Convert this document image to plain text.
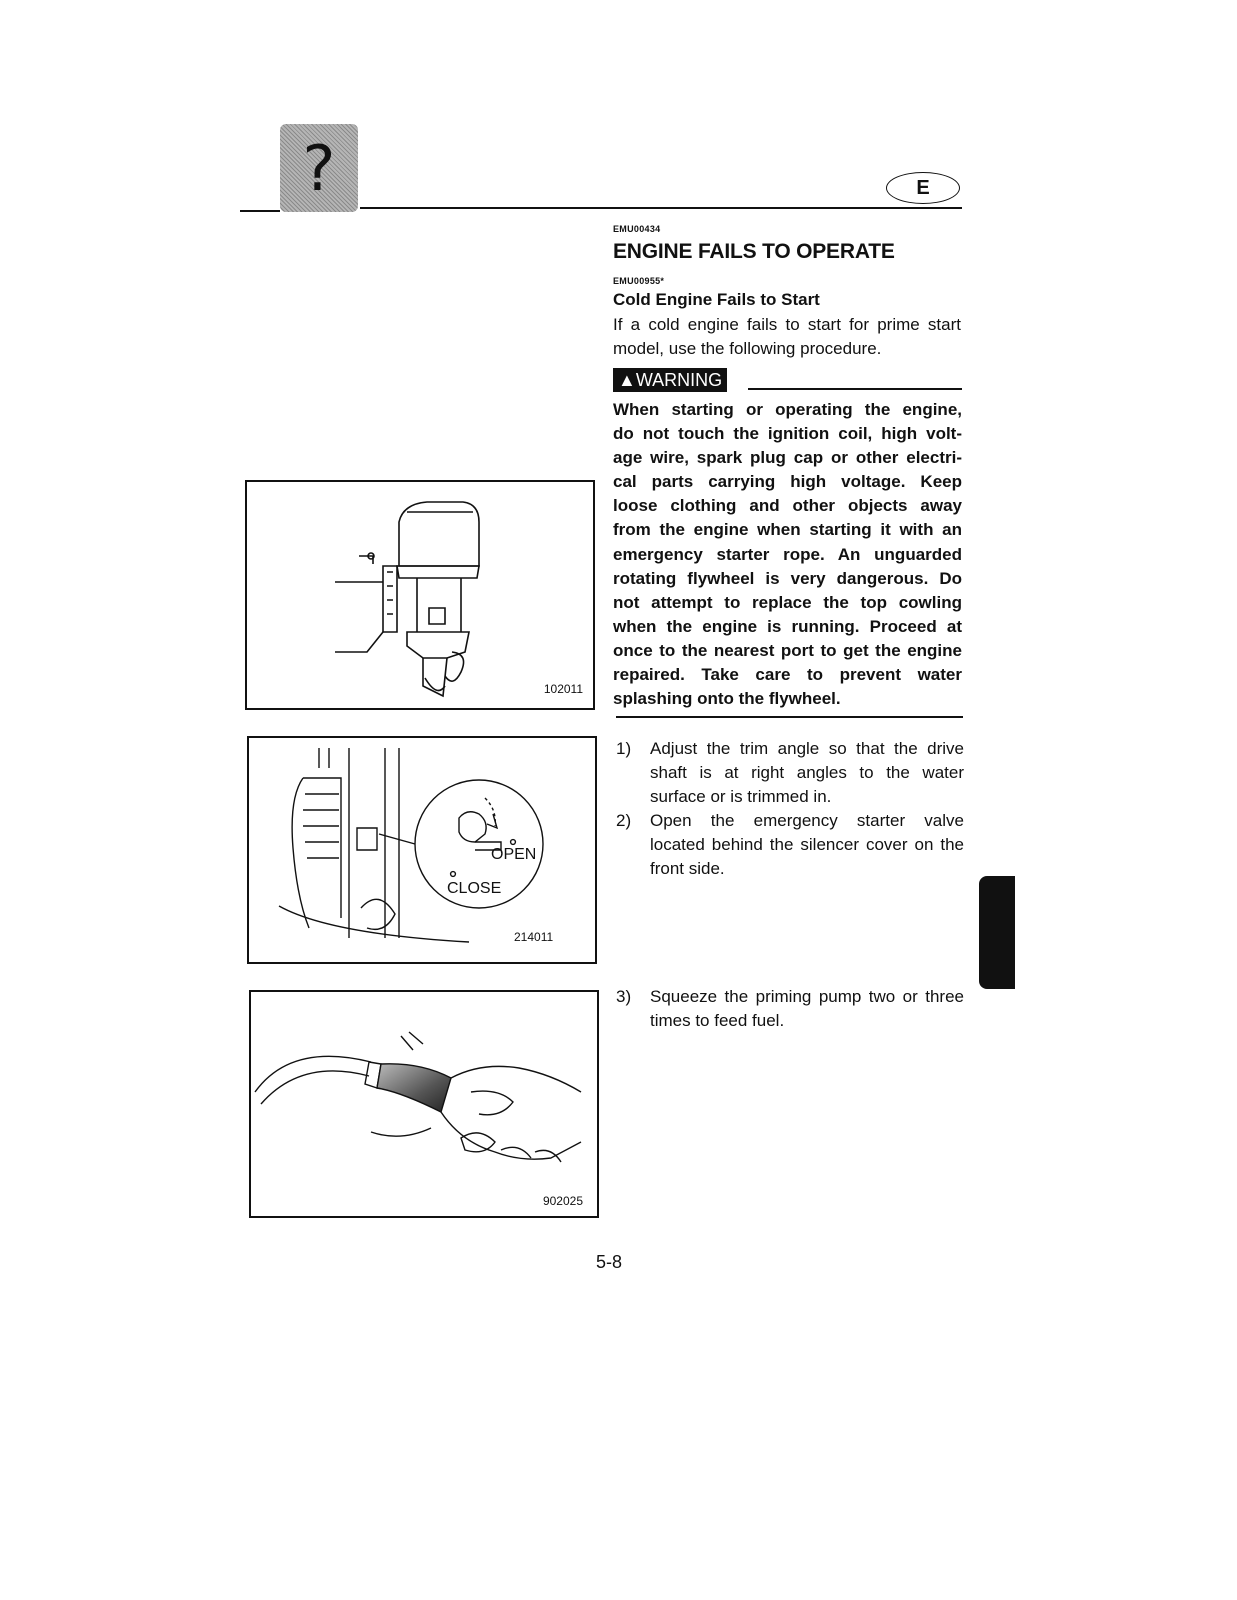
?	E
EMU00434
ENGINE FAILS TO OPERATE
EMU00955*
Cold Engine Fails to Start
If a cold engine fails to start for prime start model, use the following procedure.
▲WARNING
When starting or operating the engine,
do not touch the ignition coil, high volt-
age wire, spark plug cap or other electri-
cal parts carrying high voltage. Keep
loose clothing and other objects away
from the engine when starting it with an
emergency starter rope. An unguarded
rotating flywheel is very dangerous. Do
not attempt to replace the top cowling
when the engine is running. Proceed at
once to the nearest port to get the engine
repaired. Take care to prevent water
splashing onto the flywheel.
1) Adjust the trim angle so that the drive shaft is at right angles to the water surface or is trimmed in.
2) Open the emergency starter valve located behind the silencer cover on the front side.
3) Squeeze the priming pump two or three times to feed fuel.
102011
OPEN
CLOSE
214011
902025
5-8
